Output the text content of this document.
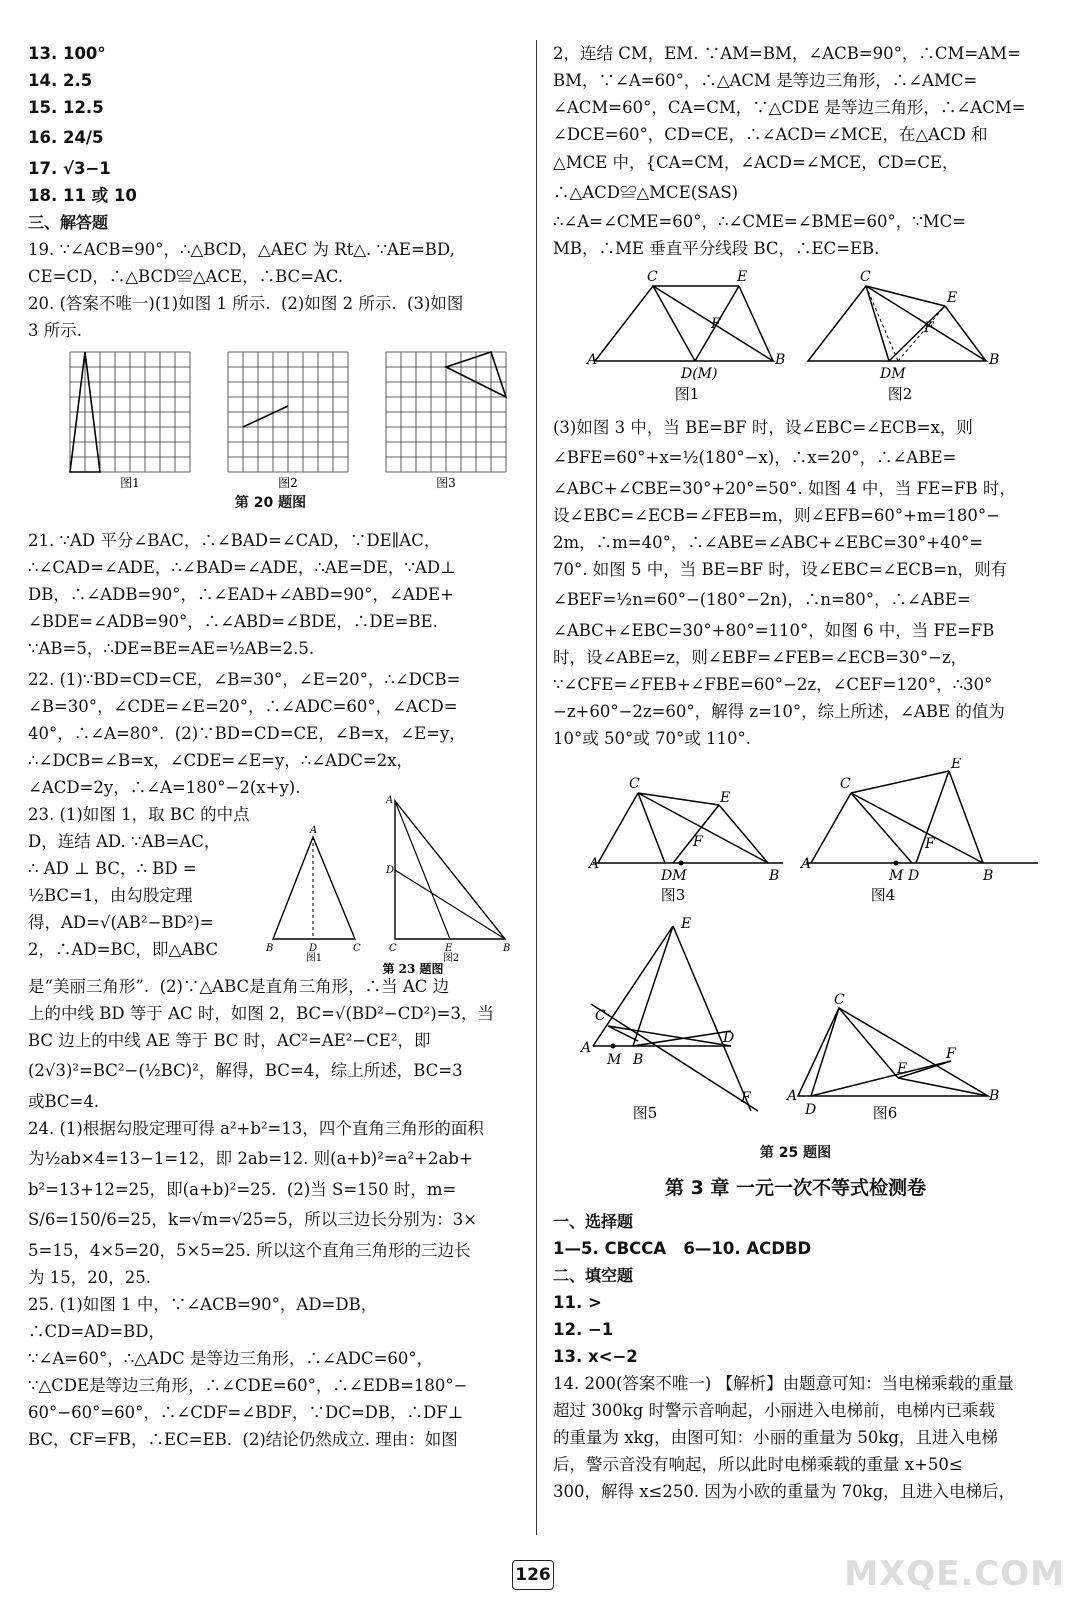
13. 100°
14. 2.5
15. 12.5
16. 24/5
17. √3−1
18. 11 或 10
三、解答题
19. ∵∠ACB=90°，∴△BCD，△AEC 为 Rt△. ∵AE=BD,
CE=CD，∴△BCD≌△ACE，∴BC=AC.
20. (答案不唯一)(1)如图 1 所示.  (2)如图 2 所示.  (3)如图
3 所示.
图1	图2	图3
第 20 题图
21. ∵AD 平分∠BAC，∴∠BAD=∠CAD，∵DE∥AC，
∴∠CAD=∠ADE，∴∠BAD=∠ADE，∴AE=DE，∵AD⊥
DB，∴∠ADB=90°，∴∠EAD+∠ABD=90°，∠ADE+
∠BDE=∠ADB=90°，∴∠ABD=∠BDE，∴DE=BE.
∵AB=5，∴DE=BE=AE=½AB=2.5.
22. (1)∵BD=CD=CE，∠B=30°，∠E=20°，∴∠DCB=
∠B=30°，∠CDE=∠E=20°，∴∠ADC=60°，∠ACD=
40°，∴∠A=80°.  (2)∵BD=CD=CE，∠B=x，∠E=y，
∴∠DCB=∠B=x，∠CDE=∠E=y，∴∠ADC=2x，
∠ACD=2y，∴∠A=180°−2(x+y).
23. (1)如图 1，取 BC 的中点
D，连结 AD. ∵AB=AC，
∴ AD ⊥ BC，∴ BD =
½BC=1，由勾股定理
得，AD=√(AB²−BD²)=
2，∴AD=BC，即△ABC
A
B	D	C
图1
A
D
C	E	B
图2
第 23 题图
是“美丽三角形”.  (2)∵△ABC是直角三角形，∴当 AC 边
上的中线 BD 等于 AC 时，如图 2，BC=√(BD²−CD²)=3，当
BC 边上的中线 AE 等于 BC 时，AC²=AE²−CE²，即
(2√3)²=BC²−(½BC)²，解得，BC=4，综上所述，BC=3
或BC=4.
24. (1)根据勾股定理可得 a²+b²=13，四个直角三角形的面积
为½ab×4=13−1=12，即 2ab=12. 则(a+b)²=a²+2ab+
b²=13+12=25，即(a+b)²=25.  (2)当 S=150 时，m=
S/6=150/6=25，k=√m=√25=5，所以三边长分别为：3×
5=15，4×5=20，5×5=25. 所以这个直角三角形的三边长
为 15，20，25.
25. (1)如图 1 中，∵∠ACB=90°，AD=DB，∴CD=AD=BD，
∵∠A=60°，∴△ADC 是等边三角形，∴∠ADC=60°，
∵△CDE是等边三角形，∴∠CDE=60°，∴∠EDB=180°−
60°−60°=60°，∴∠CDF=∠BDF，∵DC=DB，∴DF⊥
BC，CF=FB，∴EC=EB.  (2)结论仍然成立. 理由：如图
2，连结 CM，EM. ∵AM=BM，∠ACB=90°，∴CM=AM=
BM，∵∠A=60°，∴△ACM 是等边三角形，∴∠AMC=
∠ACM=60°，CA=CM，∵△CDE 是等边三角形，∴∠ACM=
∠DCE=60°，CD=CE，∴∠ACD=∠MCE，在△ACD 和
△MCE 中，{CA=CM，∠ACD=∠MCE，CD=CE，∴△ACD≌△MCE(SAS)
∴∠A=∠CME=60°，∴∠CME=∠BME=60°，∵MC=
MB，∴ME 垂直平分线段 BC，∴EC=EB.
A
C	E
F
D(M)
B
图1
C
E
F
DM
B
图2
(3)如图 3 中，当 BE=BF 时，设∠EBC=∠ECB=x，则
∠BFE=60°+x=½(180°−x)，∴x=20°，∴∠ABE=
∠ABC+∠CBE=30°+20°=50°. 如图 4 中，当 FE=FB 时，
设∠EBC=∠ECB=∠FEB=m，则∠EFB=60°+m=180°−
2m，∴m=40°，∴∠ABE=∠ABC+∠EBC=30°+40°=
70°. 如图 5 中，当 BE=BF 时，设∠EBC=∠ECB=n，则有
∠BEF=½n=60°−(180°−2n)，∴n=80°，∴∠ABE=
∠ABC+∠EBC=30°+80°=110°，如图 6 中，当 FE=FB
时，设∠ABE=z，则∠EBF=∠FEB=∠ECB=30°−z，
∵∠CFE=∠FEB+∠FBE=60°−2z，∠CEF=120°，∴30°
−z+60°−2z=60°，解得 z=10°，综上所述，∠ABE 的值为
10°或 50°或 70°或 110°.
A
C
E
F
DM	B
图3
A
C
E
F
M D	B
图4

E
C
D
A
M B
F
图5
C
E
F
A
D
B
图6
第 25 题图
第 3 章 一元一次不等式检测卷
一、选择题
1—5. CBCCA   6—10. ACDBD
二、填空题
11. >
12. −1
13. x<−2
14. 200(答案不唯一) 【解析】由题意可知：当电梯乘载的重量
超过 300kg 时警示音响起，小丽进入电梯前，电梯内已乘载
的重量为 xkg，由图可知：小丽的重量为 50kg，且进入电梯
后，警示音没有响起，所以此时电梯乘载的重量 x+50≤
300，解得 x≤250. 因为小欧的重量为 70kg，且进入电梯后，
126	MXQE.COM
